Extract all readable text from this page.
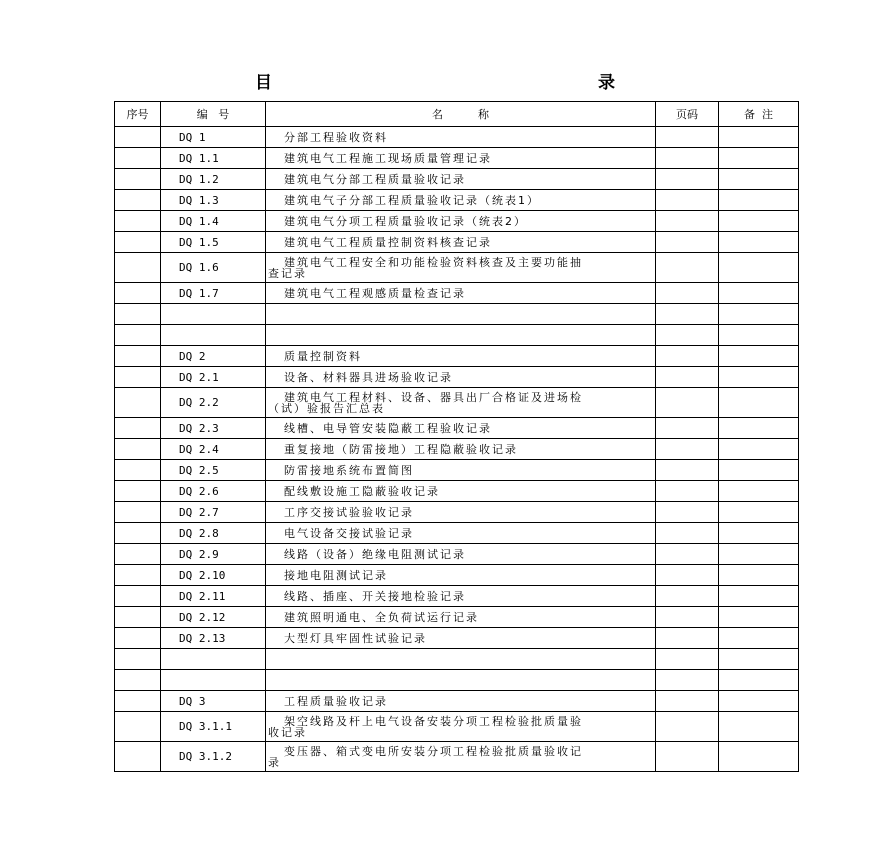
目 录
序号	编   号	名          称	页码	备  注
	DQ 1	分部工程验收资料		
	DQ 1.1	建筑电气工程施工现场质量管理记录		
	DQ 1.2	建筑电气分部工程质量验收记录		
	DQ 1.3	建筑电气子分部工程质量验收记录（统表1）		
	DQ 1.4	建筑电气分项工程质量验收记录（统表2）		
	DQ 1.5	建筑电气工程质量控制资料核查记录		
	DQ 1.6	建筑电气工程安全和功能检验资料核查及主要功能抽
查记录		

	DQ 1.7	建筑电气工程观感质量检查记录		

	DQ 2	质量控制资料		
	DQ 2.1	设备、材料器具进场验收记录		
	DQ 2.2	建筑电气工程材料、设备、器具出厂合格证及进场检
（试）验报告汇总表		

	DQ 2.3	线槽、电导管安装隐蔽工程验收记录		
	DQ 2.4	重复接地（防雷接地）工程隐蔽验收记录		
	DQ 2.5	防雷接地系统布置简图		
	DQ 2.6	配线敷设施工隐蔽验收记录		
	DQ 2.7	工序交接试验验收记录		
	DQ 2.8	电气设备交接试验记录		
	DQ 2.9	线路（设备）绝缘电阻测试记录		
	DQ 2.10	接地电阻测试记录		
	DQ 2.11	线路、插座、开关接地检验记录		
	DQ 2.12	建筑照明通电、全负荷试运行记录		
	DQ 2.13	大型灯具牢固性试验记录		

	DQ 3	工程质量验收记录		
	DQ 3.1.1	架空线路及杆上电气设备安装分项工程检验批质量验
收记录		

	DQ 3.1.2	变压器、箱式变电所安装分项工程检验批质量验收记
录		
